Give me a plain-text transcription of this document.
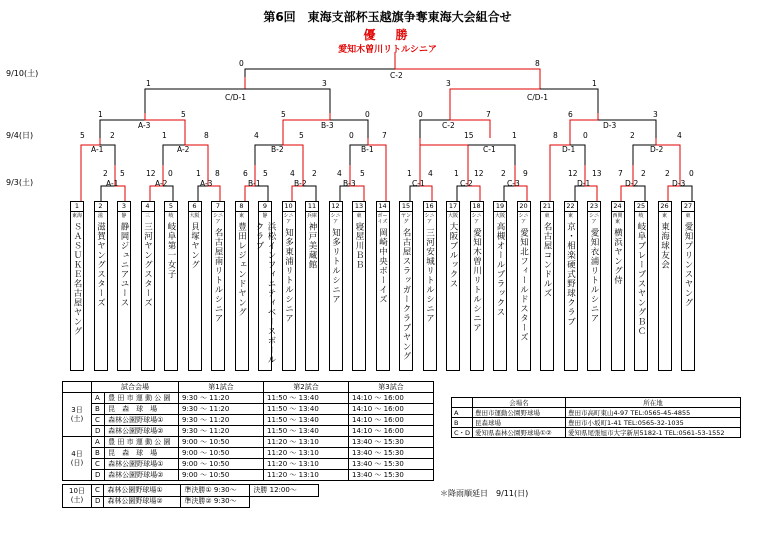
第6回　東海支部杯玉越旗争奪東海大会組合せ
優　勝
愛知木曽川リトルシニア
9/10(土)
9/4(日)
9/3(土)
0
C-2
8
1
C/D-1
3	3
C/D-1
1
1
A-3
5	5
B-3
0	0
C-2
7	6
D-3
3
5
A-1
2	1
A-2
8	4
B-2
5	0
B-1
7	15
C-1
1	8
D-1
0	2
D-2
4
2
A-1
5	12
A-2
0	1
A-3
8	6
B-1
5	4
B-2
2	4
B-3
5	1
C-1
4	1
C-2
12 2
C-3
9	12
D-1
13 7
D-2
2	2
D-3
0
1
東海
ＳＡＳＵＫＥ名古屋ヤング
2
滋
滋賀ヤングスターズ
3
静
静岡ジュニアユース
4
三
三河ヤングスターズ
5
岐
岐阜第一女子
6
大阪
貝塚ヤング
7
シニア
名古屋南リトルシニア
8
東
豊田レジェンドヤング
9
静
浜松インフィニティベースボールクラブ
10
シニア
知多東浦リトルシニア
11
兵庫
神戸美蔵館
12
シニア
知多リトルシニア
13
東
寝屋川ＢＢ
14
ボーイズ
岡崎中央ボーイズ
15
ヤング
名古屋スラッガークラブヤング
16
シニア
三河安城リトルシニア
17
大阪
大阪ブルックス
18
シニア
愛知木曽川リトルシニア
19
大阪
高槻オールブラックス
20
シニア
愛知北フィールドスターズ
21
東
名古屋コンドルズ
22
東
京・相楽硬式野球クラブ
23
シニア
愛知衣浦リトルシニア
24
西関東
横浜ヤング侍
25
岐
岐阜ブレーブスヤングＢＣ
26
東
東海球友会
27
東
愛知プリンスヤング
	試合会場		第1試合	第2試合	第3試合
3日
(土)	A	豊 田 市 運 動 公 園	9:30 ～ 11:20	11:50 ～ 13:40	14:10 ～ 16:00
	B	昆　森　球　場	9:30 ～ 11:20	11:50 ～ 13:40	14:10 ～ 16:00
	C	森林公園野球場①	9:30 ～ 11:20	11:50 ～ 13:40	14:10 ～ 16:00
	D	森林公園野球場②	9:30 ～ 11:20	11:50 ～ 13:40	14:10 ～ 16:00
4日
(日)	A	豊 田 市 運 動 公 園	9:00 ～ 10:50	11:20 ～ 13:10	13:40 ～ 15:30
	B	昆　森　球　場	9:00 ～ 10:50	11:20 ～ 13:10	13:40 ～ 15:30
	C	森林公園野球場①	9:00 ～ 10:50	11:20 ～ 13:10	13:40 ～ 15:30
	D	森林公園野球場②	9:00 ～ 10:50	11:20 ～ 13:10	13:40 ～ 15:30
10日
(土)	C	森林公園野球場①	準決勝① 9:30～	決勝 12:00～
	D	森林公園野球場②	準決勝② 9:30～	
	会場名	所在地
A	豊田市運動公園野球場	豊田市高町東山4-97 TEL:0565-45-4855
B	昆森球場	豊田市小坂町1-41 TEL:0565-32-1035
C・D	愛知県森林公園野球場①②	愛知県尾張旭市大字新居5182-1 TEL:0561-53-1552
＊降雨順延日　9/11(日)
